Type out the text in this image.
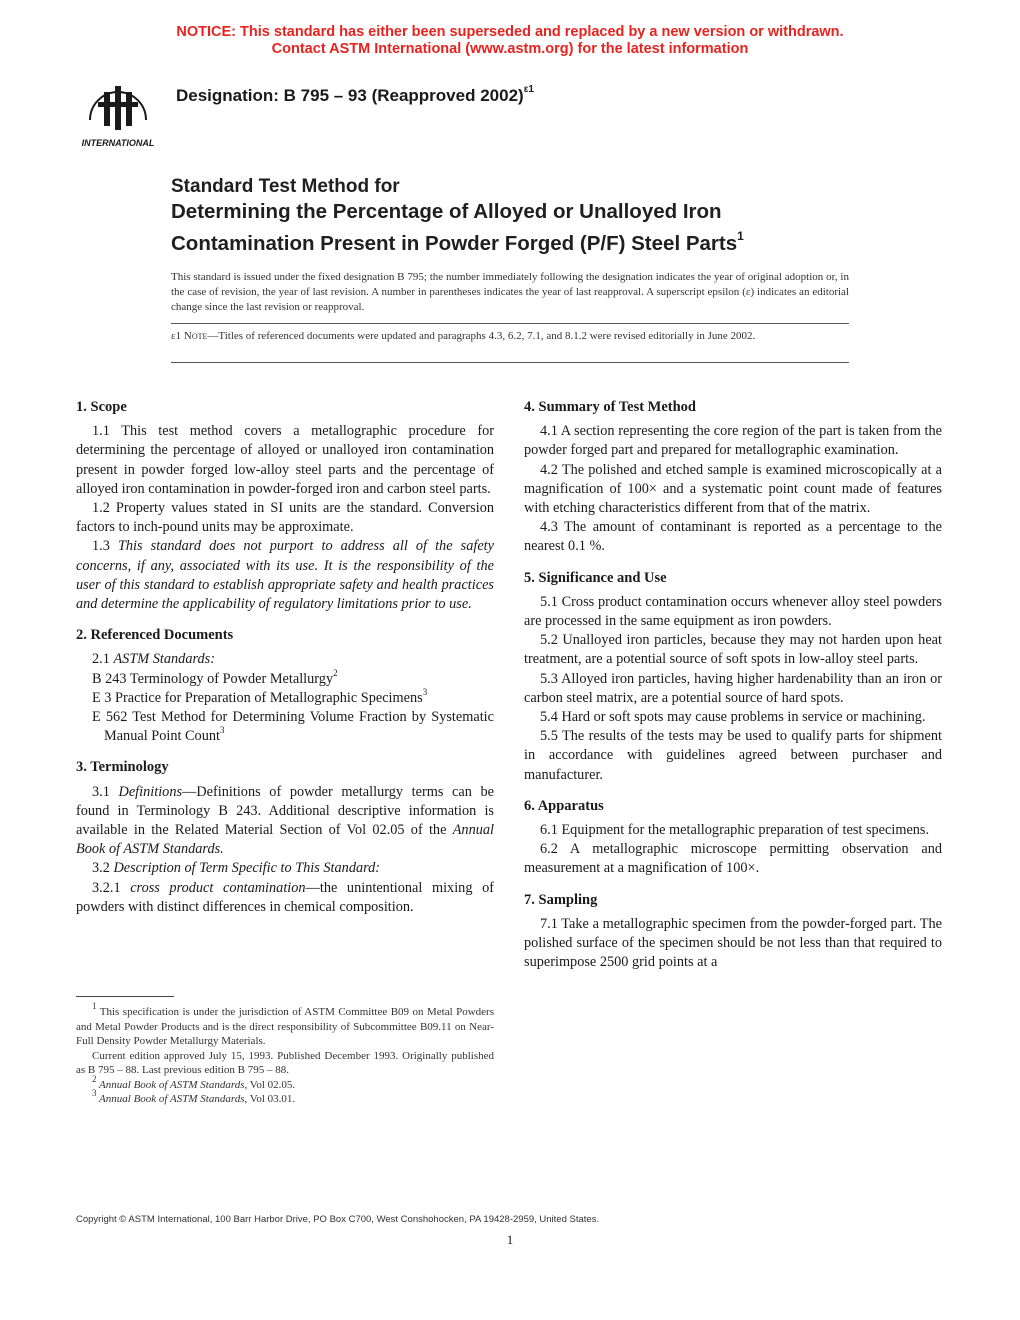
NOTICE: This standard has either been superseded and replaced by a new version or withdrawn.
Contact ASTM International (www.astm.org) for the latest information
INTERNATIONAL
Designation: B 795 – 93 (Reapproved 2002)$^{\varepsilon 1}$
Standard Test Method for
Determining the Percentage of Alloyed or Unalloyed Iron
Contamination Present in Powder Forged (P/F) Steel Parts$^1$
This standard is issued under the fixed designation B 795; the number immediately following the designation indicates the year of original adoption or, in the case of revision, the year of last revision. A number in parentheses indicates the year of last reapproval. A superscript epsilon (ε) indicates an editorial change since the last revision or reapproval.
ε1 Note—Titles of referenced documents were updated and paragraphs 4.3, 6.2, 7.1, and 8.1.2 were revised editorially in June 2002.
1. Scope

1.1 This test method covers a metallographic procedure for determining the percentage of alloyed or unalloyed iron contamination present in powder forged low-alloy steel parts and the percentage of alloyed iron contamination in powder-forged iron and carbon steel parts.

1.2 Property values stated in SI units are the standard. Conversion factors to inch-pound units may be approximate.

1.3 This standard does not purport to address all of the safety concerns, if any, associated with its use. It is the responsibility of the user of this standard to establish appropriate safety and health practices and determine the applicability of regulatory limitations prior to use.

2. Referenced Documents

2.1 ASTM Standards:

B 243 Terminology of Powder Metallurgy$^2$

E 3 Practice for Preparation of Metallographic Specimens$^3$

E 562 Test Method for Determining Volume Fraction by Systematic Manual Point Count$^3$

3. Terminology

3.1 Definitions—Definitions of powder metallurgy terms can be found in Terminology B 243. Additional descriptive information is available in the Related Material Section of Vol 02.05 of the Annual Book of ASTM Standards.

3.2 Description of Term Specific to This Standard:

3.2.1 cross product contamination—the unintentional mixing of powders with distinct differences in chemical composition.

$^1$ This specification is under the jurisdiction of ASTM Committee B09 on Metal Powders and Metal Powder Products and is the direct responsibility of Subcommittee B09.11 on Near-Full Density Powder Metallurgy Materials.

Current edition approved July 15, 1993. Published December 1993. Originally published as B 795 – 88. Last previous edition B 795 – 88.

$^2$ Annual Book of ASTM Standards, Vol 02.05.

$^3$ Annual Book of ASTM Standards, Vol 03.01.

4. Summary of Test Method

4.1 A section representing the core region of the part is taken from the powder forged part and prepared for metallographic examination.

4.2 The polished and etched sample is examined microscopically at a magnification of 100× and a systematic point count made of features with etching characteristics different from that of the matrix.

4.3 The amount of contaminant is reported as a percentage to the nearest 0.1 %.

5. Significance and Use

5.1 Cross product contamination occurs whenever alloy steel powders are processed in the same equipment as iron powders.

5.2 Unalloyed iron particles, because they may not harden upon heat treatment, are a potential source of soft spots in low-alloy steel parts.

5.3 Alloyed iron particles, having higher hardenability than an iron or carbon steel matrix, are a potential source of hard spots.

5.4 Hard or soft spots may cause problems in service or machining.

5.5 The results of the tests may be used to qualify parts for shipment in accordance with guidelines agreed between purchaser and manufacturer.

6. Apparatus

6.1 Equipment for the metallographic preparation of test specimens.

6.2 A metallographic microscope permitting observation and measurement at a magnification of 100×.

7. Sampling

7.1 Take a metallographic specimen from the powder-forged part. The polished surface of the specimen should be not less than that required to superimpose 2500 grid points at a

Copyright © ASTM International, 100 Barr Harbor Drive, PO Box C700, West Conshohocken, PA 19428-2959, United States.
1
